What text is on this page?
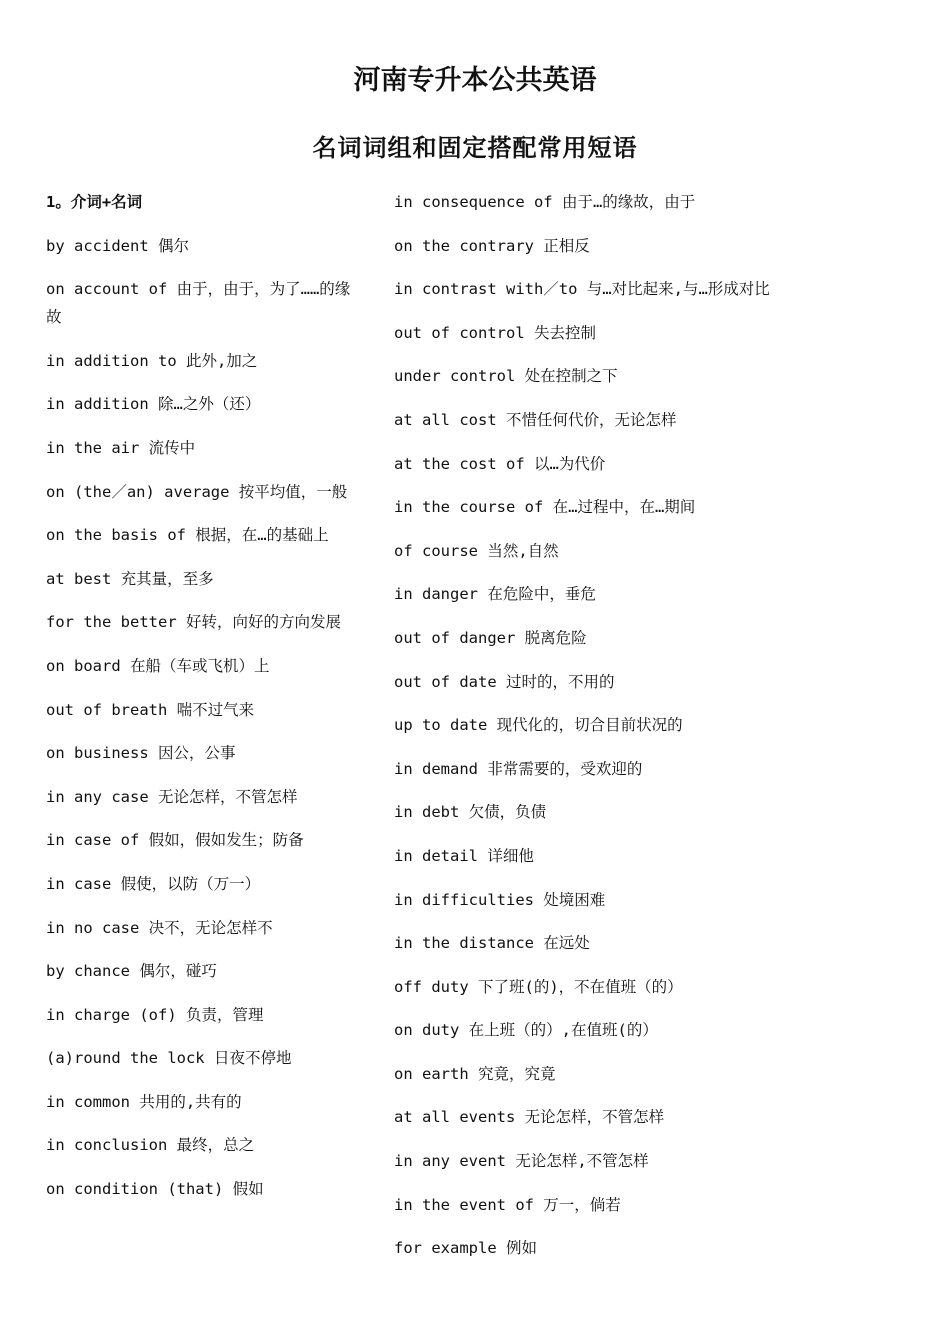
河南专升本公共英语
名词词组和固定搭配常用短语

1。介词+名词

by accident 偶尔

on account of 由于，由于，为了……的缘故

in addition to 此外,加之

in addition 除…之外（还）

in the air 流传中

on (the／an) average 按平均值，一般

on the basis of 根据，在…的基础上

at best 充其量，至多

for the better 好转，向好的方向发展

on board 在船（车或飞机）上

out of breath 喘不过气来

on business 因公，公事

in any case 无论怎样，不管怎样

in case of 假如，假如发生；防备

in case 假使，以防（万一）

in no case 决不，无论怎样不

by chance 偶尔，碰巧

in charge (of) 负责，管理

(a)round the lock 日夜不停地

in common 共用的,共有的

in conclusion 最终，总之

on condition (that) 假如

in consequence of 由于…的缘故，由于

on the contrary 正相反

in contrast with／to 与…对比起来,与…形成对比

out of control 失去控制

under control 处在控制之下

at all cost 不惜任何代价，无论怎样

at the cost of 以…为代价

in the course of 在…过程中，在…期间

of course 当然,自然

in danger 在危险中，垂危

out of danger 脱离危险

out of date 过时的，不用的

up to date 现代化的，切合目前状况的

in demand 非常需要的，受欢迎的

in debt 欠债，负债

in detail 详细他

in difficulties 处境困难

in the distance 在远处

off duty 下了班(的)，不在值班（的）

on duty 在上班（的）,在值班(的）

on earth 究竟，究竟

at all events 无论怎样，不管怎样

in any event 无论怎样,不管怎样

in the event of 万一，倘若

for example 例如
